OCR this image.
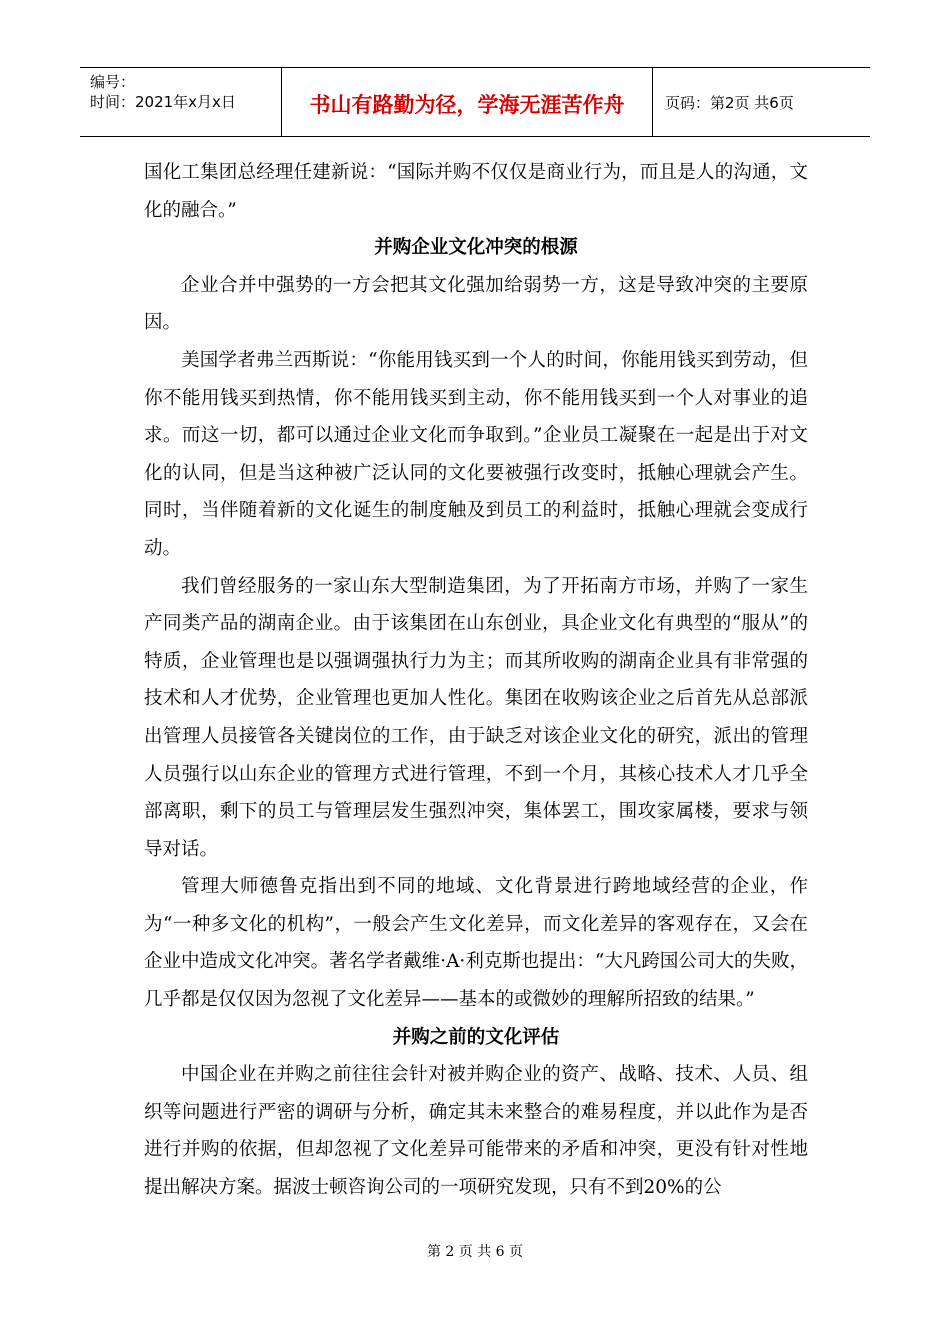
编号：
时间：2021年x月x日	书山有路勤为径，学海无涯苦作舟	页码：第2页 共6页

国化工集团总经理任建新说：“国际并购不仅仅是商业行为，而且是人的沟通，文化的融合。”

并购企业文化冲突的根源

企业合并中强势的一方会把其文化强加给弱势一方，这是导致冲突的主要原因。

美国学者弗兰西斯说：“你能用钱买到一个人的时间，你能用钱买到劳动，但你不能用钱买到热情，你不能用钱买到主动，你不能用钱买到一个人对事业的追求。而这一切，都可以通过企业文化而争取到。”企业员工凝聚在一起是出于对文化的认同，但是当这种被广泛认同的文化要被强行改变时，抵触心理就会产生。同时，当伴随着新的文化诞生的制度触及到员工的利益时，抵触心理就会变成行动。

我们曾经服务的一家山东大型制造集团，为了开拓南方市场，并购了一家生产同类产品的湖南企业。由于该集团在山东创业，具企业文化有典型的“服从”的特质，企业管理也是以强调强执行力为主；而其所收购的湖南企业具有非常强的技术和人才优势，企业管理也更加人性化。集团在收购该企业之后首先从总部派出管理人员接管各关键岗位的工作，由于缺乏对该企业文化的研究，派出的管理人员强行以山东企业的管理方式进行管理，不到一个月，其核心技术人才几乎全部离职，剩下的员工与管理层发生强烈冲突，集体罢工，围攻家属楼，要求与领导对话。

管理大师德鲁克指出到不同的地域、文化背景进行跨地域经营的企业，作为“一种多文化的机构”，一般会产生文化差异，而文化差异的客观存在，又会在企业中造成文化冲突。著名学者戴维·A·利克斯也提出：“大凡跨国公司大的失败，几乎都是仅仅因为忽视了文化差异——基本的或微妙的理解所招致的结果。”

并购之前的文化评估

中国企业在并购之前往往会针对被并购企业的资产、战略、技术、人员、组织等问题进行严密的调研与分析，确定其未来整合的难易程度，并以此作为是否进行并购的依据，但却忽视了文化差异可能带来的矛盾和冲突，更没有针对性地提出解决方案。据波士顿咨询公司的一项研究发现，只有不到20%的公

第 2 页 共 6 页
